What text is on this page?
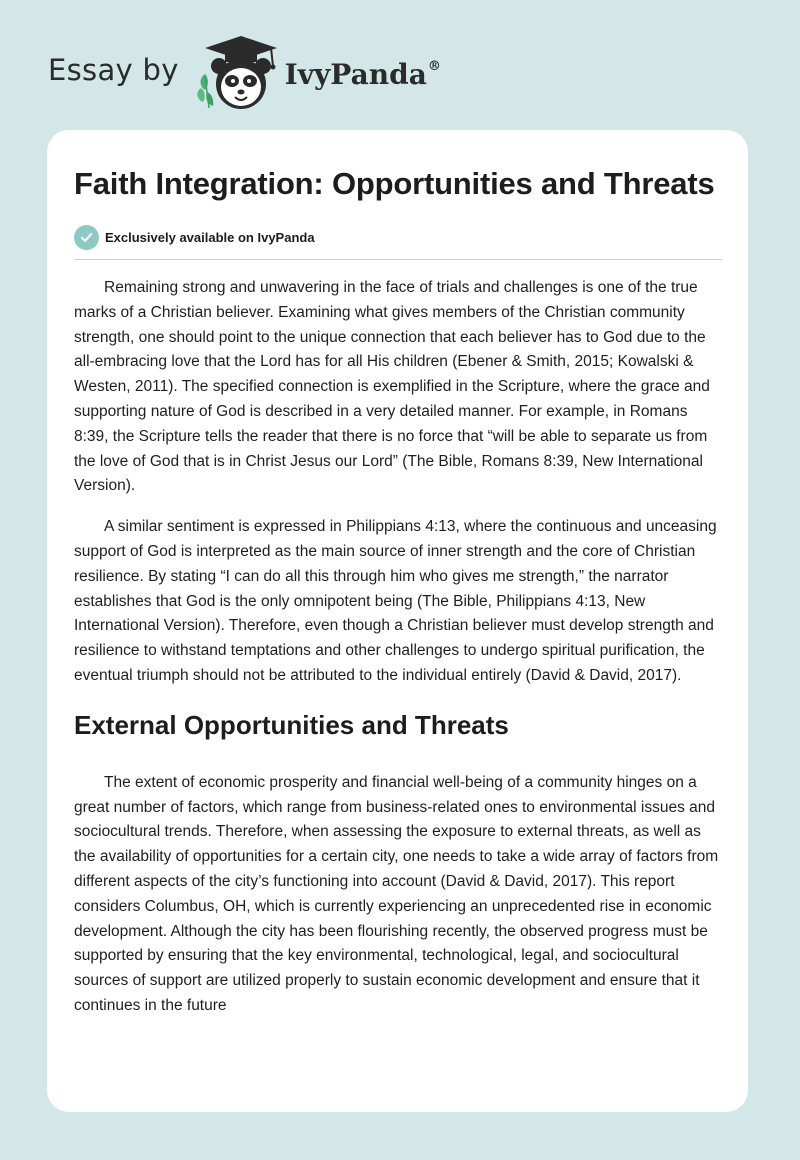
Essay by	IvyPanda®
Faith Integration: Opportunities and Threats
Exclusively available on IvyPanda

Remaining strong and unwavering in the face of trials and challenges is one of the true marks of a Christian believer. Examining what gives members of the Christian community strength, one should point to the unique connection that each believer has to God due to the all-embracing love that the Lord has for all His children (Ebener & Smith, 2015; Kowalski & Westen, 2011). The specified connection is exemplified in the Scripture, where the grace and supporting nature of God is described in a very detailed manner. For example, in Romans 8:39, the Scripture tells the reader that there is no force that “will be able to separate us from the love of God that is in Christ Jesus our Lord” (The Bible, Romans 8:39, New International Version).

A similar sentiment is expressed in Philippians 4:13, where the continuous and unceasing support of God is interpreted as the main source of inner strength and the core of Christian resilience. By stating “I can do all this through him who gives me strength,” the narrator establishes that God is the only omnipotent being (The Bible, Philippians 4:13, New International Version). Therefore, even though a Christian believer must develop strength and resilience to withstand temptations and other challenges to undergo spiritual purification, the eventual triumph should not be attributed to the individual entirely (David & David, 2017).

External Opportunities and Threats

The extent of economic prosperity and financial well-being of a community hinges on a great number of factors, which range from business-related ones to environmental issues and sociocultural trends. Therefore, when assessing the exposure to external threats, as well as the availability of opportunities for a certain city, one needs to take a wide array of factors from different aspects of the city’s functioning into account (David & David, 2017). This report considers Columbus, OH, which is currently experiencing an unprecedented rise in economic development. Although the city has been flourishing recently, the observed progress must be supported by ensuring that the key environmental, technological, legal, and sociocultural sources of support are utilized properly to sustain economic development and ensure that it continues in the future
